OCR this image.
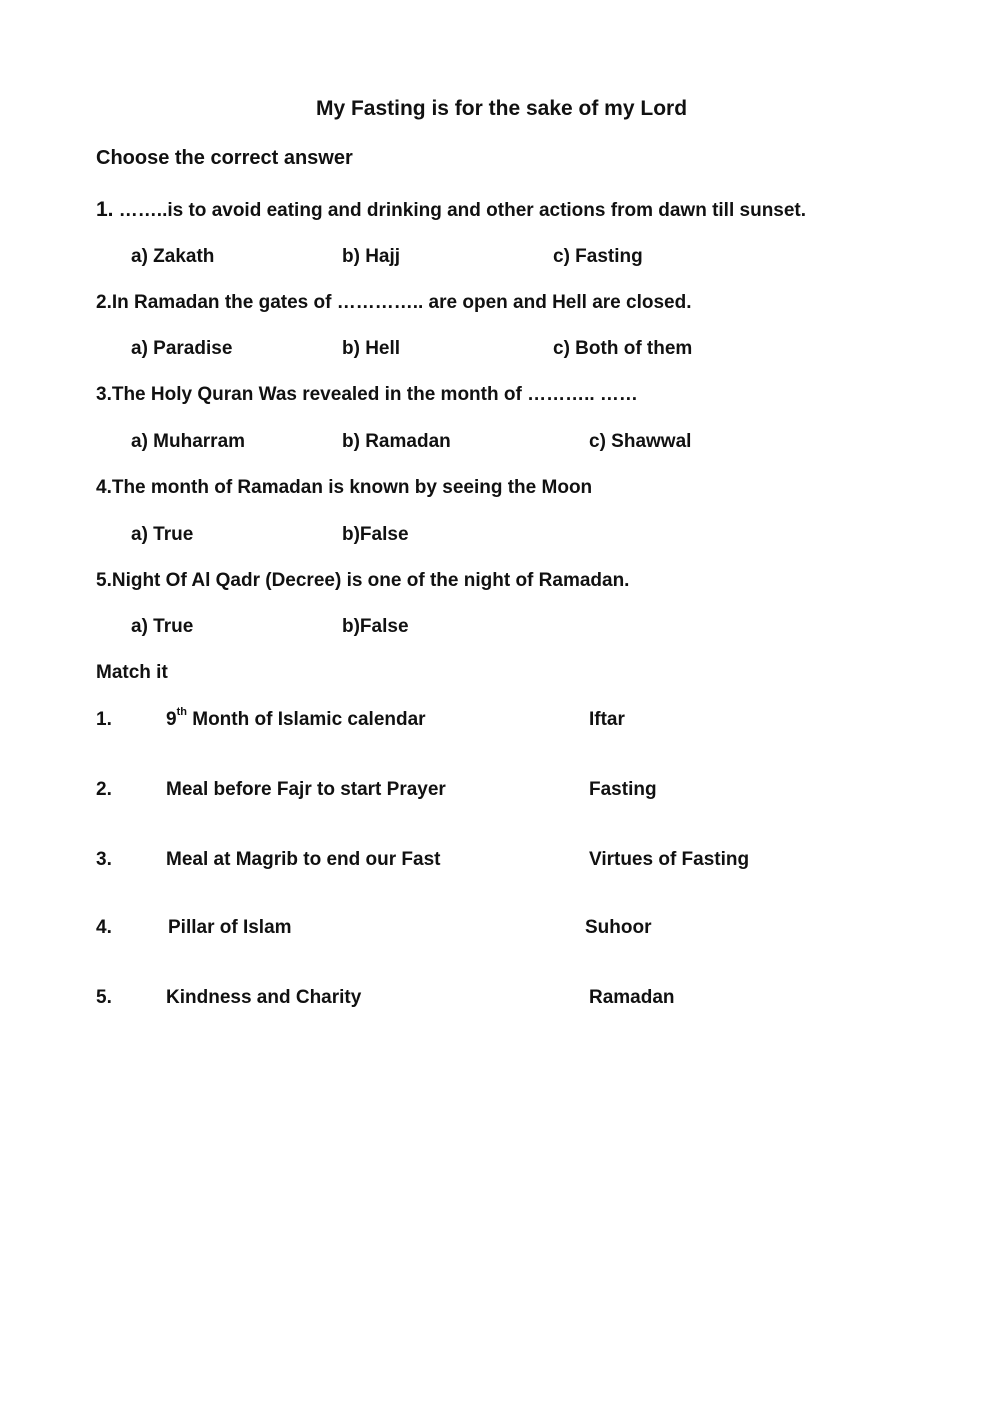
My Fasting is for the sake of my Lord
Choose the correct answer
1. ……..is to avoid eating and drinking and other actions from dawn till sunset.
a) Zakath	b) Hajj	c) Fasting
2.In Ramadan the gates of ………….. are open and Hell are closed.
a) Paradise	b) Hell	c) Both of them
3.The Holy Quran Was revealed in the month of ……….. ……
a) Muharram	b) Ramadan	c) Shawwal
4.The month of Ramadan is known by seeing the Moon
a) True	b)False
5.Night Of Al Qadr (Decree) is one of the night of Ramadan.
a) True	b)False
Match it
1.	9th Month of Islamic calendar	Iftar
2.	Meal before Fajr to start Prayer	Fasting
3.	Meal at Magrib to end our Fast	Virtues of Fasting
4.	Pillar of Islam	Suhoor
5.	Kindness and Charity	Ramadan
